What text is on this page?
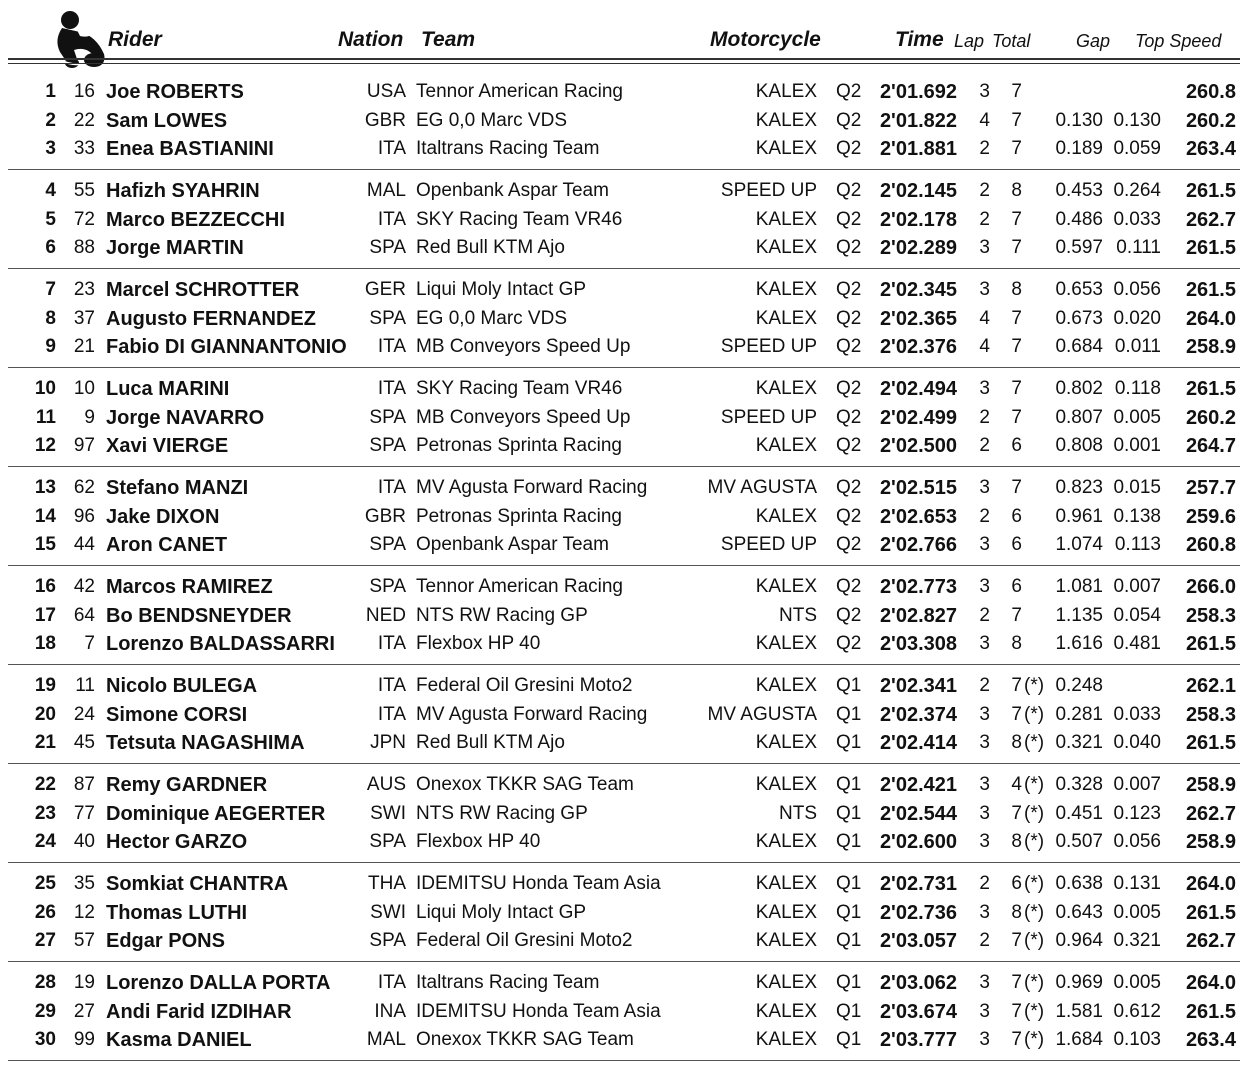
Rider	Nation Team	Motorcycle	Time Lap Total	Gap Top Speed
1 16 Joe ROBERTS	USA Tennor American Racing	KALEX Q2 2'01.692	3	7	260.8
2 22 Sam LOWES	GBR EG 0,0 Marc VDS	KALEX Q2 2'01.822	4	7 0.130 0.130	260.2
3 33 Enea BASTIANINI	ITA Italtrans Racing Team	KALEX Q2 2'01.881	2	7 0.189 0.059	263.4
4 55 Hafizh SYAHRIN	MAL Openbank Aspar Team	SPEED UP Q2 2'02.145	2	8 0.453 0.264	261.5
5 72 Marco BEZZECCHI	ITA SKY Racing Team VR46	KALEX Q2 2'02.178	2	7 0.486 0.033	262.7
6 88 Jorge MARTIN	SPA Red Bull KTM Ajo	KALEX Q2 2'02.289	3	7 0.597 0.111	261.5
7 23 Marcel SCHROTTER	GER Liqui Moly Intact GP	KALEX Q2 2'02.345	3	8 0.653 0.056	261.5
8 37 Augusto FERNANDEZ	SPA EG 0,0 Marc VDS	KALEX Q2 2'02.365	4	7 0.673 0.020	264.0
9 21 Fabio DI GIANNANTONIO	ITA MB Conveyors Speed Up	SPEED UP Q2 2'02.376	4	7 0.684 0.011	258.9
10 10 Luca MARINI	ITA SKY Racing Team VR46	KALEX Q2 2'02.494	3	7 0.802 0.118	261.5
11	9 Jorge NAVARRO	SPA MB Conveyors Speed Up	SPEED UP Q2 2'02.499	2	7 0.807 0.005	260.2
12 97 Xavi VIERGE	SPA Petronas Sprinta Racing	KALEX Q2 2'02.500	2	6 0.808 0.001	264.7
13 62 Stefano MANZI	ITA MV Agusta Forward Racing	MV AGUSTA Q2 2'02.515	3	7 0.823 0.015	257.7
14 96 Jake DIXON	GBR Petronas Sprinta Racing	KALEX Q2 2'02.653	2	6 0.961 0.138	259.6
15 44 Aron CANET	SPA Openbank Aspar Team	SPEED UP Q2 2'02.766	3	6 1.074 0.113	260.8
16 42 Marcos RAMIREZ	SPA Tennor American Racing	KALEX Q2 2'02.773	3	6 1.081 0.007	266.0
17 64 Bo BENDSNEYDER	NED NTS RW Racing GP	NTS Q2 2'02.827	2	7 1.135 0.054	258.3
18	7 Lorenzo BALDASSARRI	ITA Flexbox HP 40	KALEX Q2 2'03.308	3	8 1.616 0.481	261.5
19	11 Nicolo BULEGA	ITA Federal Oil Gresini Moto2	KALEX Q1 2'02.341	2	7 (*) 0.248	262.1
20 24 Simone CORSI	ITA MV Agusta Forward Racing	MV AGUSTA Q1 2'02.374	3	7 (*) 0.281 0.033	258.3
21 45 Tetsuta NAGASHIMA	JPN Red Bull KTM Ajo	KALEX Q1 2'02.414	3	8 (*) 0.321 0.040	261.5
22 87 Remy GARDNER	AUS Onexox TKKR SAG Team	KALEX Q1 2'02.421	3	4 (*) 0.328 0.007	258.9
23 77 Dominique AEGERTER	SWI NTS RW Racing GP	NTS Q1 2'02.544	3	7 (*) 0.451 0.123	262.7
24 40 Hector GARZO	SPA Flexbox HP 40	KALEX Q1 2'02.600	3	8 (*) 0.507 0.056	258.9
25 35 Somkiat CHANTRA	THA IDEMITSU Honda Team Asia	KALEX Q1 2'02.731	2	6 (*) 0.638 0.131	264.0
26 12 Thomas LUTHI	SWI Liqui Moly Intact GP	KALEX Q1 2'02.736	3	8 (*) 0.643 0.005	261.5
27 57 Edgar PONS	SPA Federal Oil Gresini Moto2	KALEX Q1 2'03.057	2	7 (*) 0.964 0.321	262.7
28 19 Lorenzo DALLA PORTA	ITA Italtrans Racing Team	KALEX Q1 2'03.062	3	7 (*) 0.969 0.005	264.0
29 27 Andi Farid IZDIHAR	INA IDEMITSU Honda Team Asia	KALEX Q1 2'03.674	3	7 (*) 1.581 0.612	261.5
30 99 Kasma DANIEL	MAL Onexox TKKR SAG Team	KALEX Q1 2'03.777	3	7 (*) 1.684 0.103	263.4
